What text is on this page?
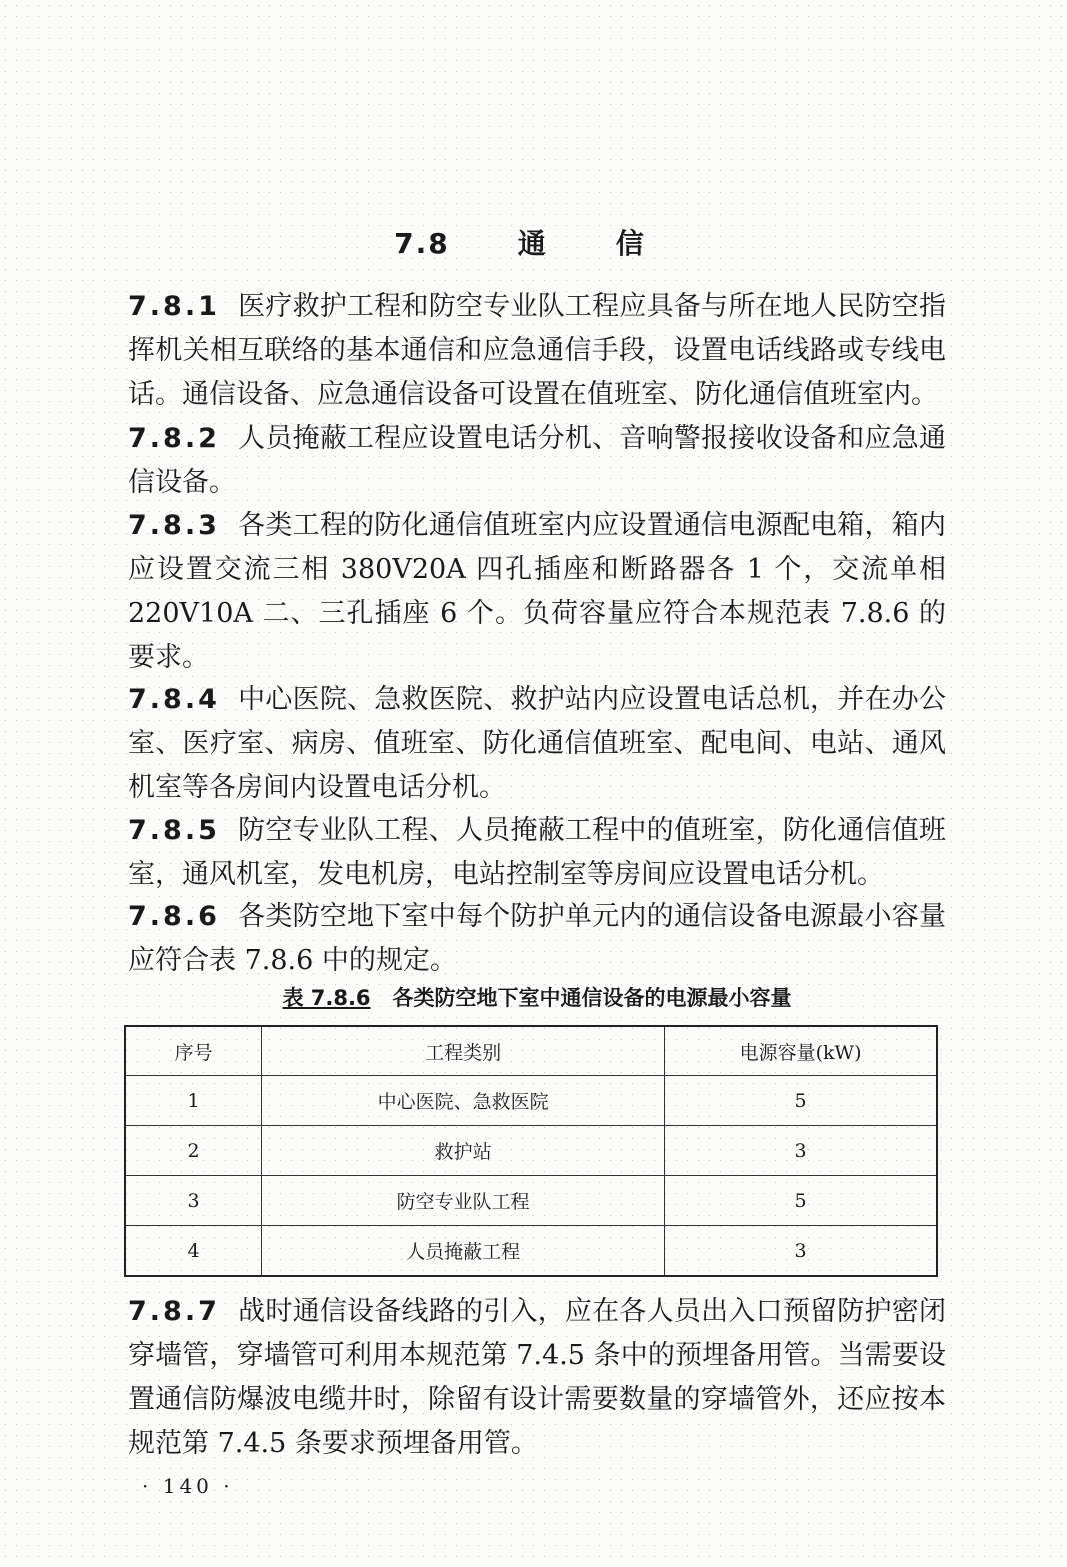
7.8 通 信
7.8.1 医疗救护工程和防空专业队工程应具备与所在地人民防空指挥机关相互联络的基本通信和应急通信手段，设置电话线路或专线电话。通信设备、应急通信设备可设置在值班室、防化通信值班室内。
7.8.2 人员掩蔽工程应设置电话分机、音响警报接收设备和应急通信设备。
7.8.3 各类工程的防化通信值班室内应设置通信电源配电箱，箱内应设置交流三相 380V20A 四孔插座和断路器各 1 个，交流单相 220V10A 二、三孔插座 6 个。负荷容量应符合本规范表 7.8.6 的要求。
7.8.4 中心医院、急救医院、救护站内应设置电话总机，并在办公室、医疗室、病房、值班室、防化通信值班室、配电间、电站、通风机室等各房间内设置电话分机。
7.8.5 防空专业队工程、人员掩蔽工程中的值班室，防化通信值班室，通风机室，发电机房，电站控制室等房间应设置电话分机。
7.8.6 各类防空地下室中每个防护单元内的通信设备电源最小容量应符合表 7.8.6 中的规定。
表 7.8.6 各类防空地下室中通信设备的电源最小容量
序号	工程类别	电源容量(kW)
1	中心医院、急救医院	5
2	救护站	3
3	防空专业队工程	5
4	人员掩蔽工程	3
7.8.7 战时通信设备线路的引入，应在各人员出入口预留防护密闭穿墙管，穿墙管可利用本规范第 7.4.5 条中的预埋备用管。当需要设置通信防爆波电缆井时，除留有设计需要数量的穿墙管外，还应按本规范第 7.4.5 条要求预埋备用管。
· 140 ·
